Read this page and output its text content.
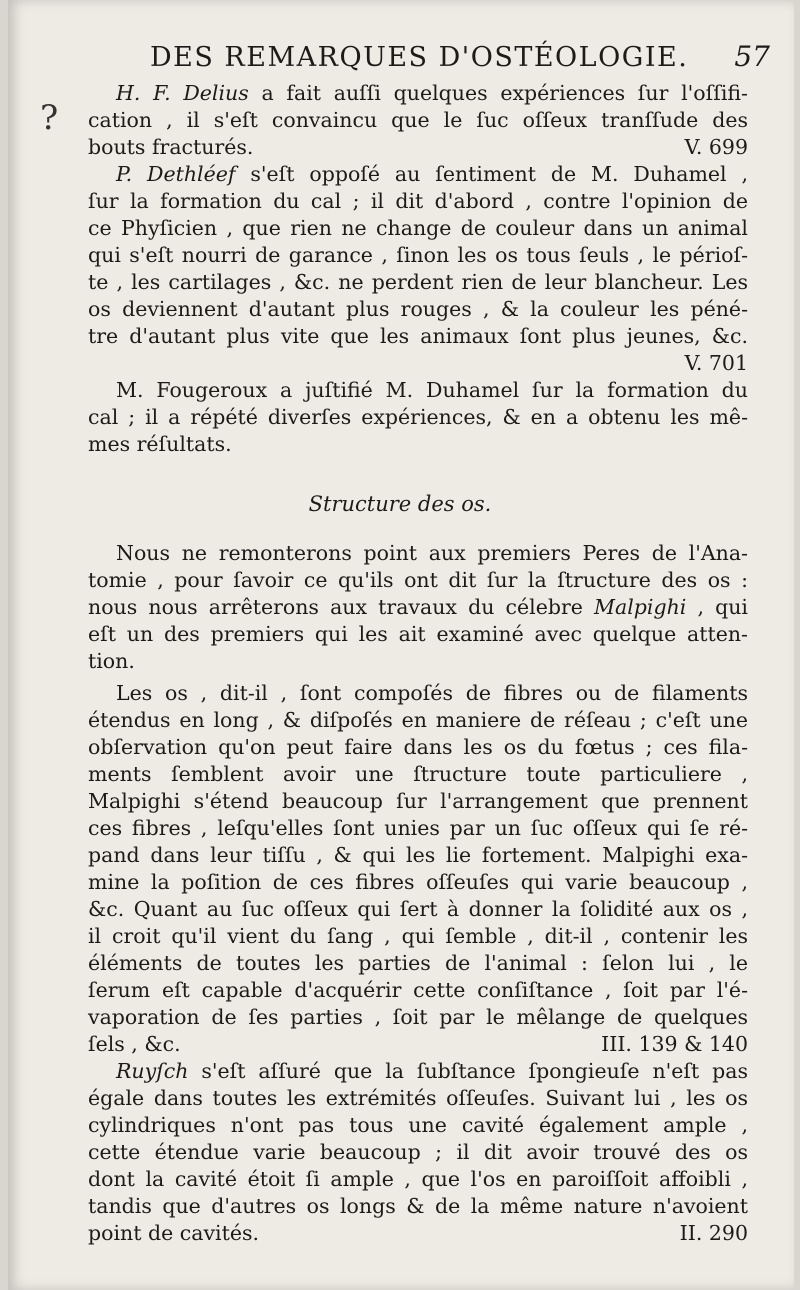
?
DES REMARQUES D'OSTÉOLOGIE. 57
H. F. Delius a fait auſſi quelques expériences ſur l'oſſifi-
cation , il s'eſt convaincu que le ſuc oſſeux tranſſude des
bouts fracturés.	V. 699
P. Dethléef s'eſt oppoſé au ſentiment de M. Duhamel ,
ſur la formation du cal ; il dit d'abord , contre l'opinion de
ce Phyſicien , que rien ne change de couleur dans un animal
qui s'eſt nourri de garance , ſinon les os tous ſeuls , le périoſ-
te , les cartilages , &c. ne perdent rien de leur blancheur. Les
os deviennent d'autant plus rouges , & la couleur les péné-
tre d'autant plus vite que les animaux ſont plus jeunes, &c.
V. 701
M. Fougeroux a juſtifié M. Duhamel ſur la formation du
cal ; il a répété diverſes expériences, & en a obtenu les mê-
mes réſultats.
Nous ne remonterons point aux premiers Peres de l'Ana-
tomie , pour ſavoir ce qu'ils ont dit ſur la ſtructure des os :
nous nous arrêterons aux travaux du célebre Malpighi , qui
eſt un des premiers qui les ait examiné avec quelque atten-
tion.
Les os , dit-il , ſont compoſés de fibres ou de filaments
étendus en long , & diſpoſés en maniere de réſeau ; c'eſt une
obſervation qu'on peut faire dans les os du fœtus ; ces fila-
ments ſemblent avoir une ſtructure toute particuliere ,
Malpighi s'étend beaucoup ſur l'arrangement que prennent
ces fibres , leſqu'elles ſont unies par un ſuc oſſeux qui ſe ré-
pand dans leur tiſſu , & qui les lie fortement. Malpighi exa-
mine la poſition de ces fibres oſſeuſes qui varie beaucoup ,
&c. Quant au ſuc oſſeux qui ſert à donner la ſolidité aux os ,
il croit qu'il vient du ſang , qui ſemble , dit-il , contenir les
éléments de toutes les parties de l'animal : ſelon lui , le
ſerum eſt capable d'acquérir cette conſiſtance , ſoit par l'é-
vaporation de ſes parties , ſoit par le mêlange de quelques
ſels , &c.	III. 139 & 140
Ruyſch s'eſt aſſuré que la ſubſtance ſpongieuſe n'eſt pas
égale dans toutes les extrémités oſſeuſes. Suivant lui , les os
cylindriques n'ont pas tous une cavité également ample ,
cette étendue varie beaucoup ; il dit avoir trouvé des os
dont la cavité étoit ſi ample , que l'os en paroiſſoit affoibli ,
tandis que d'autres os longs & de la même nature n'avoient
point de cavités.	II. 290
Structure des os.
